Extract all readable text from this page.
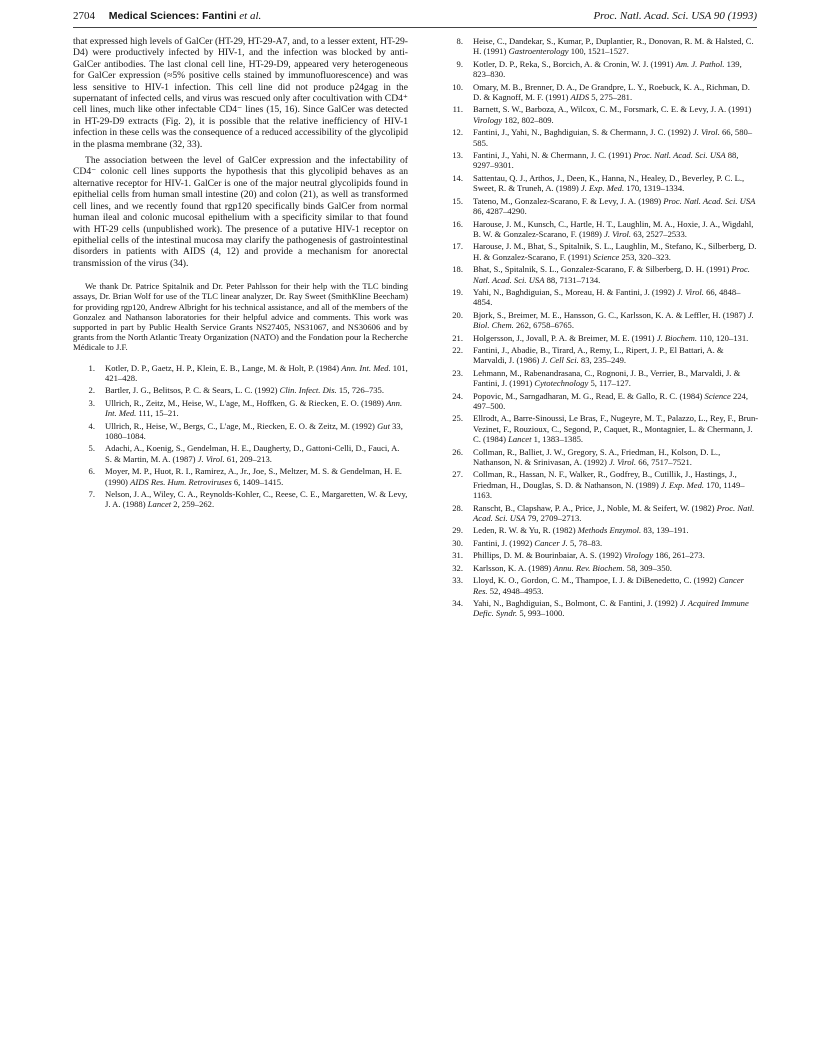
2704 Medical Sciences: Fantini et al.	Proc. Natl. Acad. Sci. USA 90 (1993)

that expressed high levels of GalCer (HT-29, HT-29-A7, and, to a lesser extent, HT-29-D4) were productively infected by HIV-1, and the infection was blocked by anti-GalCer antibodies. The last clonal cell line, HT-29-D9, appeared very heterogeneous for GalCer expression (≈5% positive cells stained by immunofluorescence) and was less sensitive to HIV-1 infection. This cell line did not produce p24gag in the supernatant of infected cells, and virus was rescued only after cocultivation with CD4⁺ cell lines, much like other infectable CD4⁻ lines (15, 16). Since GalCer was detected in HT-29-D9 extracts (Fig. 2), it is possible that the relative inefficiency of HIV-1 infection in these cells was the consequence of a reduced accessibility of the glycolipid in the plasma membrane (32, 33).

The association between the level of GalCer expression and the infectability of CD4⁻ colonic cell lines supports the hypothesis that this glycolipid behaves as an alternative receptor for HIV-1. GalCer is one of the major neutral glycolipids found in epithelial cells from human small intestine (20) and colon (21), as well as transformed cell lines, and we recently found that rgp120 specifically binds GalCer from normal human ileal and colonic mucosal epithelium with a specificity similar to that found with HT-29 cells (unpublished work). The presence of a putative HIV-1 receptor on epithelial cells of the intestinal mucosa may clarify the pathogenesis of gastrointestinal disorders in patients with AIDS (4, 12) and provide a mechanism for anorectal transmission of the virus (34).

We thank Dr. Patrice Spitalnik and Dr. Peter Pahlsson for their help with the TLC binding assays, Dr. Brian Wolf for use of the TLC linear analyzer, Dr. Ray Sweet (SmithKline Beecham) for providing rgp120, Andrew Albright for his technical assistance, and all of the members of the Gonzalez and Nathanson laboratories for their helpful advice and comments. This work was supported in part by Public Health Service Grants NS27405, NS31067, and NS30606 and by grants from the North Atlantic Treaty Organization (NATO) and the Fondation pour la Recherche Médicale to J.F.

1. Kotler, D. P., Gaetz, H. P., Klein, E. B., Lange, M. & Holt, P. (1984) Ann. Int. Med. 101, 421–428.
2. Bartler, J. G., Belitsos, P. C. & Sears, L. C. (1992) Clin. Infect. Dis. 15, 726–735.
3. Ullrich, R., Zeitz, M., Heise, W., L'age, M., Hoffken, G. & Riecken, E. O. (1989) Ann. Int. Med. 111, 15–21.
4. Ullrich, R., Heise, W., Bergs, C., L'age, M., Riecken, E. O. & Zeitz, M. (1992) Gut 33, 1080–1084.
5. Adachi, A., Koenig, S., Gendelman, H. E., Daugherty, D., Gattoni-Celli, D., Fauci, A. S. & Martin, M. A. (1987) J. Virol. 61, 209–213.
6. Moyer, M. P., Huot, R. I., Ramirez, A., Jr., Joe, S., Meltzer, M. S. & Gendelman, H. E. (1990) AIDS Res. Hum. Retroviruses 6, 1409–1415.
7. Nelson, J. A., Wiley, C. A., Reynolds-Kohler, C., Reese, C. E., Margaretten, W. & Levy, J. A. (1988) Lancet 2, 259–262.
8. Heise, C., Dandekar, S., Kumar, P., Duplantier, R., Donovan, R. M. & Halsted, C. H. (1991) Gastroenterology 100, 1521–1527.
9. Kotler, D. P., Reka, S., Borcich, A. & Cronin, W. J. (1991) Am. J. Pathol. 139, 823–830.
10. Omary, M. B., Brenner, D. A., De Grandpre, L. Y., Roebuck, K. A., Richman, D. D. & Kagnoff, M. F. (1991) AIDS 5, 275–281.
11. Barnett, S. W., Barboza, A., Wilcox, C. M., Forsmark, C. E. & Levy, J. A. (1991) Virology 182, 802–809.
12. Fantini, J., Yahi, N., Baghdiguian, S. & Chermann, J. C. (1992) J. Virol. 66, 580–585.
13. Fantini, J., Yahi, N. & Chermann, J. C. (1991) Proc. Natl. Acad. Sci. USA 88, 9297–9301.
14. Sattentau, Q. J., Arthos, J., Deen, K., Hanna, N., Healey, D., Beverley, P. C. L., Sweet, R. & Truneh, A. (1989) J. Exp. Med. 170, 1319–1334.
15. Tateno, M., Gonzalez-Scarano, F. & Levy, J. A. (1989) Proc. Natl. Acad. Sci. USA 86, 4287–4290.
16. Harouse, J. M., Kunsch, C., Hartle, H. T., Laughlin, M. A., Hoxie, J. A., Wigdahl, B. W. & Gonzalez-Scarano, F. (1989) J. Virol. 63, 2527–2533.
17. Harouse, J. M., Bhat, S., Spitalnik, S. L., Laughlin, M., Stefano, K., Silberberg, D. H. & Gonzalez-Scarano, F. (1991) Science 253, 320–323.
18. Bhat, S., Spitalnik, S. L., Gonzalez-Scarano, F. & Silberberg, D. H. (1991) Proc. Natl. Acad. Sci. USA 88, 7131–7134.
19. Yahi, N., Baghdiguian, S., Moreau, H. & Fantini, J. (1992) J. Virol. 66, 4848–4854.
20. Bjork, S., Breimer, M. E., Hansson, G. C., Karlsson, K. A. & Leffler, H. (1987) J. Biol. Chem. 262, 6758–6765.
21. Holgersson, J., Jovall, P. A. & Breimer, M. E. (1991) J. Biochem. 110, 120–131.
22. Fantini, J., Abadie, B., Tirard, A., Remy, L., Ripert, J. P., El Battari, A. & Marvaldi, J. (1986) J. Cell Sci. 83, 235–249.
23. Lehmann, M., Rabenandrasana, C., Rognoni, J. B., Verrier, B., Marvaldi, J. & Fantini, J. (1991) Cytotechnology 5, 117–127.
24. Popovic, M., Sarngadharan, M. G., Read, E. & Gallo, R. C. (1984) Science 224, 497–500.
25. Ellrodt, A., Barre-Sinoussi, Le Bras, F., Nugeyre, M. T., Palazzo, L., Rey, F., Brun-Vezinet, F., Rouzioux, C., Segond, P., Caquet, R., Montagnier, L. & Chermann, J. C. (1984) Lancet 1, 1383–1385.
26. Collman, R., Balliet, J. W., Gregory, S. A., Friedman, H., Kolson, D. L., Nathanson, N. & Srinivasan, A. (1992) J. Virol. 66, 7517–7521.
27. Collman, R., Hassan, N. F., Walker, R., Godfrey, B., Cutillik, J., Hastings, J., Friedman, H., Douglas, S. D. & Nathanson, N. (1989) J. Exp. Med. 170, 1149–1163.
28. Ranscht, B., Clapshaw, P. A., Price, J., Noble, M. & Seifert, W. (1982) Proc. Natl. Acad. Sci. USA 79, 2709–2713.
29. Leden, R. W. & Yu, R. (1982) Methods Enzymol. 83, 139–191.
30. Fantini, J. (1992) Cancer J. 5, 78–83.
31. Phillips, D. M. & Bourinbaiar, A. S. (1992) Virology 186, 261–273.
32. Karlsson, K. A. (1989) Annu. Rev. Biochem. 58, 309–350.
33. Lloyd, K. O., Gordon, C. M., Thampoe, I. J. & DiBenedetto, C. (1992) Cancer Res. 52, 4948–4953.
34. Yahi, N., Baghdiguian, S., Bolmont, C. & Fantini, J. (1992) J. Acquired Immune Defic. Syndr. 5, 993–1000.
